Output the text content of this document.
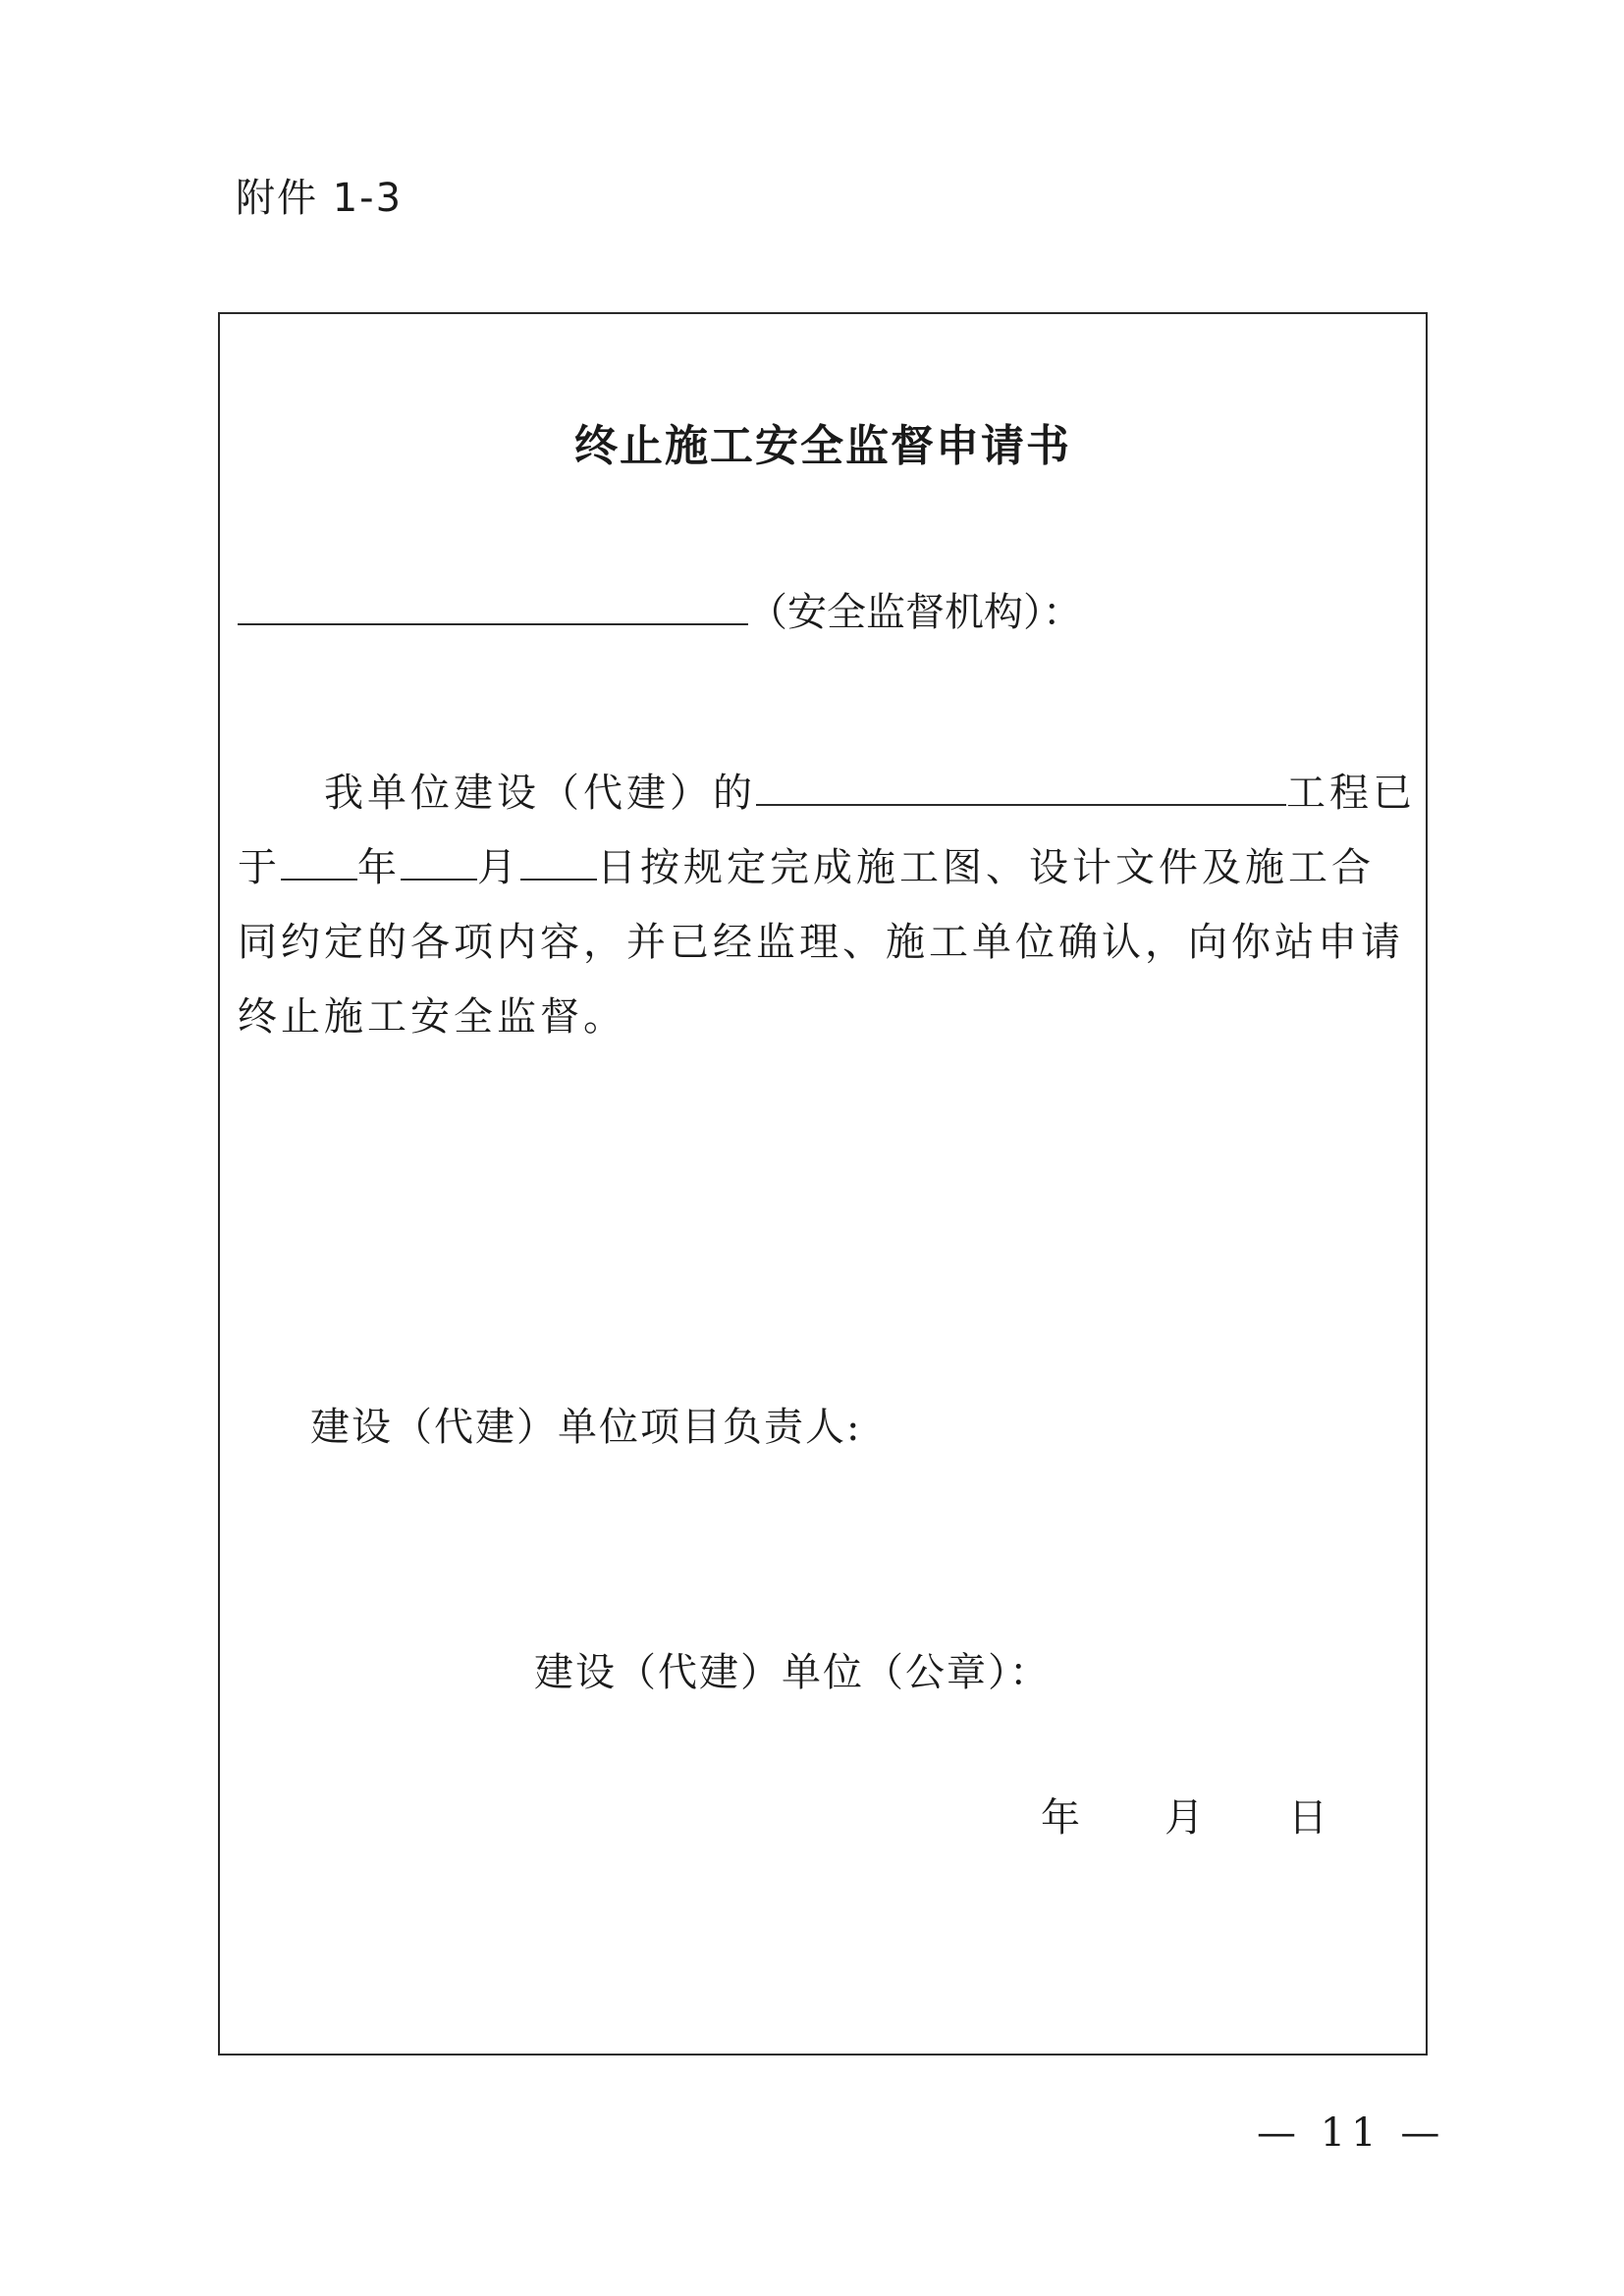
附件 1-3
终止施工安全监督申请书
（安全监督机构）：
　　我单位建设（代建）的	工程已
于 年 月 日按规定完成施工图、设计文件及施工合
同约定的各项内容，并已经监理、施工单位确认，向你站申请
终止施工安全监督。
建设（代建）单位项目负责人:
建设（代建）单位（公章）：
年 月 日
— 11 —
